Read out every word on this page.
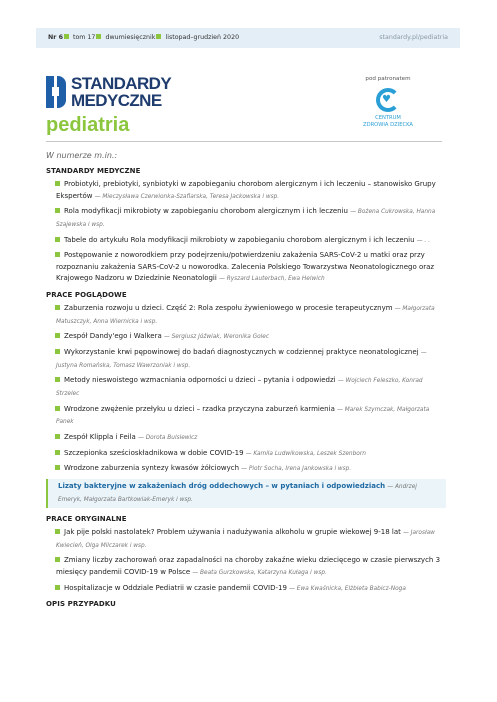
Nr 6 tom 17 dwumiesięcznik listopad–grudzień 2020	standardy.pl/pediatria
STANDARDY
MEDYCZNE
pediatria
pod patronatem
♥
CENTRUM
ZDROWIA DZIECKA
W numerze m.in.:
STANDARDY MEDYCZNE
Probiotyki, prebiotyki, synbiotyki w zapobieganiu chorobom alergicznym i ich leczeniu – stanowisko Grupy Ekspertów — Mieczysława Czerwionka-Szaflarska, Teresa Jackowska i wsp.
Rola modyfikacji mikrobioty w zapobieganiu chorobom alergicznym i ich leczeniu — Bożena Cukrowska, Hanna Szajewska i wsp.
Tabele do artykułu Rola modyfikacji mikrobioty w zapobieganiu chorobom alergicznym i ich leczeniu — . .
Postępowanie z noworodkiem przy podejrzeniu/potwierdzeniu zakażenia SARS-CoV-2 u matki oraz przy rozpoznaniu zakażenia SARS-CoV-2 u noworodka. Zalecenia Polskiego Towarzystwa Neonatologicznego oraz Krajowego Nadzoru w Dziedzinie Neonatologii — Ryszard Lauterbach, Ewa Helwich
PRACE POGLĄDOWE
Zaburzenia rozwoju u dzieci. Część 2: Rola zespołu żywieniowego w procesie terapeutycznym — Małgorzata Matuszczyk, Anna Wiernicka i wsp.
Zespół Dandy'ego i Walkera — Sergiusz Jóźwiak, Weronika Golec
Wykorzystanie krwi pępowinowej do badań diagnostycznych w codziennej praktyce neonatologicznej — Justyna Romańska, Tomasz Wawrzoniak i wsp.
Metody nieswoistego wzmacniania odporności u dzieci – pytania i odpowiedzi — Wojciech Feleszko, Konrad Strzelec
Wrodzone zwężenie przełyku u dzieci – rzadka przyczyna zaburzeń karmienia — Marek Szymczak, Małgorzata Panek
Zespół Klippla i Feila — Dorota Bulsiewicz
Szczepionka sześcioskładnikowa w dobie COVID-19 — Kamila Ludwikowska, Leszek Szenborn
Wrodzone zaburzenia syntezy kwasów żółciowych — Piotr Socha, Irena Jankowska i wsp.
Lizaty bakteryjne w zakażeniach dróg oddechowych – w pytaniach i odpowiedziach — Andrzej Emeryk, Małgorzata Bartkowiak-Emeryk i wsp.
PRACE ORYGINALNE
Jak pije polski nastolatek? Problem używania i nadużywania alkoholu w grupie wiekowej 9-18 lat — Jarosław Kwiecień, Olga Milczarek i wsp.
Zmiany liczby zachorowań oraz zapadalności na choroby zakaźne wieku dziecięcego w czasie pierwszych 3 miesięcy pandemii COVID-19 w Polsce — Beata Gurzkowska, Katarzyna Kułaga i wsp.
Hospitalizacje w Oddziale Pediatrii w czasie pandemii COVID-19 — Ewa Kwaśnicka, Elżbieta Babicz-Noga
OPIS PRZYPADKU
